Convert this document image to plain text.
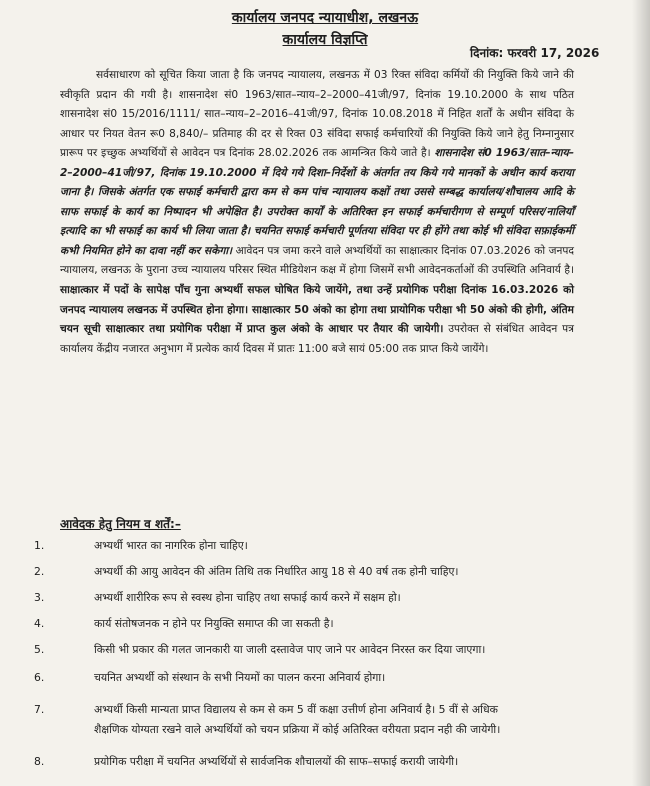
कार्यालय जनपद न्यायाधीश, लखनऊ
कार्यालय विज्ञप्ति
दिनांक: फरवरी 17, 2026

सर्वसाधारण को सूचित किया जाता है कि जनपद न्यायालय, लखनऊ में 03 रिक्त संविदा कर्मियों की नियुक्ति किये जाने की स्वीकृति प्रदान की गयी है। शासनादेश सं0 1963/सात–न्याय–2–2000–41जी/97, दिनांक 19.10.2000 के साथ पठित शासनादेश सं0 15/2016/1111/ सात–न्याय–2–2016–41जी/97, दिनांक 10.08.2018 में निहित शर्तों के अधीन संविदा के आधार पर नियत वेतन रू0 8,840/– प्रतिमाह की दर से रिक्त 03 संविदा सफाई कर्मचारियों की नियुक्ति किये जाने हेतु निम्नानुसार प्रारूप पर इच्छुक अभ्यर्थियों से आवेदन पत्र दिनांक 28.02.2026 तक आमन्त्रित किये जाते है। शासनादेश सं0 1963/सात–न्याय–2–2000–41जी/97, दिनांक 19.10.2000 में दिये गये दिशा–निर्देशों के अंतर्गत तय किये गये मानकों के अधीन कार्य कराया जाना है। जिसके अंतर्गत एक सफाई कर्मचारी द्वारा कम से कम पांच न्यायालय कक्षों तथा उससे सम्बद्ध कार्यालय/शौचालय आदि के साफ सफाई के कार्य का निष्पादन भी अपेक्षित है। उपरोक्त कार्यों के अतिरिक्त इन सफाई कर्मचारीगण से सम्पूर्ण परिसर/नालियाँ इत्यादि का भी सफाई का कार्य भी लिया जाता है। चयनित सफाई कर्मचारी पूर्णतया संविदा पर ही होंगे तथा कोई भी संविदा सफ़ाईकर्मी कभी नियमित होने का दावा नहीं कर सकेगा। आवेदन पत्र जमा करने वाले अभ्यर्थियों का साक्षात्कार दिनांक 07.03.2026 को जनपद न्यायालय, लखनऊ के पुराना उच्च न्यायालय परिसर स्थित मीडियेशन कक्ष में होगा जिसमें सभी आवेदनकर्ताओं की उपस्थिति अनिवार्य है। साक्षात्कार में पदों के सापेक्ष पाँच गुना अभ्यर्थी सफल घोषित किये जायेंगे, तथा उन्हें प्रयोगिक परीक्षा दिनांक 16.03.2026 को जनपद न्यायालय लखनऊ में उपस्थित होना होगा। साक्षात्कार 50 अंको का होगा तथा प्रायोगिक परीक्षा भी 50 अंको की होगी, अंतिम चयन सूची साक्षात्कार तथा प्रयोगिक परीक्षा में प्राप्त कुल अंको के आधार पर तैयार की जायेगी। उपरोक्त से संबंधित आवेदन पत्र कार्यालय केंद्रीय नजारत अनुभाग में प्रत्येक कार्य दिवस में प्रातः 11:00 बजे सायं 05:00 तक प्राप्त किये जायेंगे।

आवेदक हेतु नियम व शर्तें:–
1.	अभ्यर्थी भारत का नागरिक होना चाहिए।
2.	अभ्यर्थी की आयु आवेदन की अंतिम तिथि तक निर्धारित आयु 18 से 40 वर्ष तक होनी चाहिए।
3.	अभ्यर्थी शारीरिक रूप से स्वस्थ होना चाहिए तथा सफाई कार्य करने में सक्षम हो।
4.	कार्य संतोषजनक न होने पर नियुक्ति समाप्त की जा सकती है।
5.	किसी भी प्रकार की गलत जानकारी या जाली दस्तावेज पाए जाने पर आवेदन निरस्त कर दिया जाएगा।
6.	चयनित अभ्यर्थी को संस्थान के सभी नियमों का पालन करना अनिवार्य होगा।
7.	अभ्यर्थी किसी मान्यता प्राप्त विद्यालय से कम से कम 5 वीं कक्षा उत्तीर्ण होना अनिवार्य है। 5 वीं से अधिक
शैक्षणिक योग्यता रखने वाले अभ्यर्थियों को चयन प्रक्रिया में कोई अतिरिक्त वरीयता प्रदान नही की जायेगी।
8.	प्रयोगिक परीक्षा में चयनित अभ्यर्थियों से सार्वजनिक शौचालयों की साफ–सफाई करायी जायेगी।
